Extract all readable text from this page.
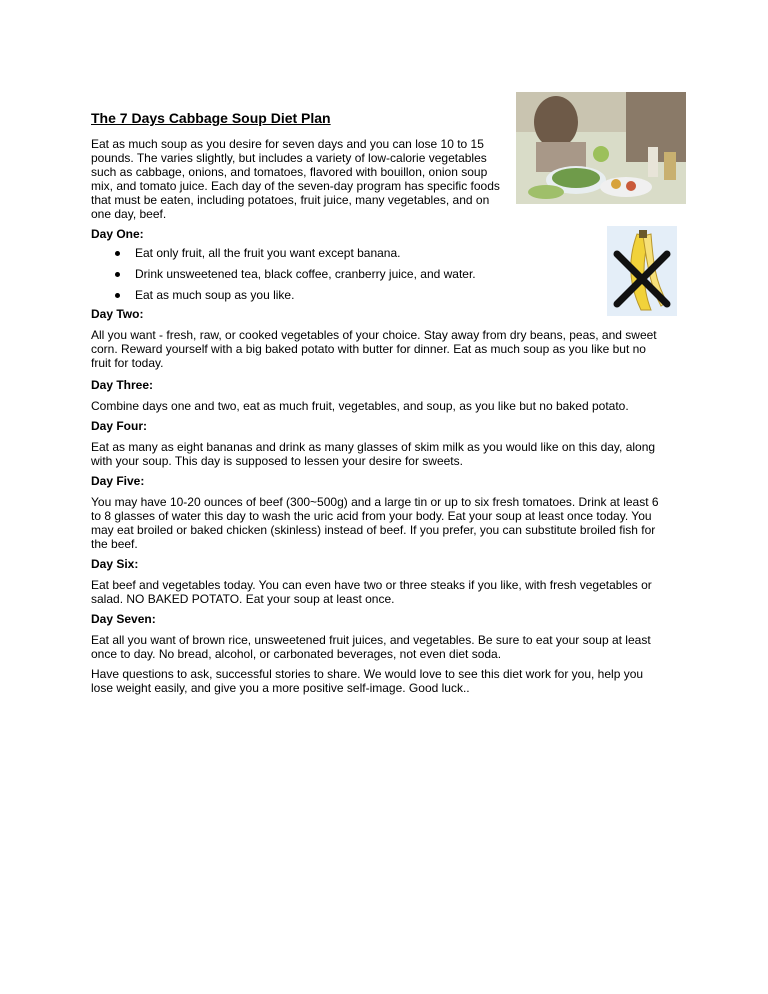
The 7 Days Cabbage Soup Diet Plan

Eat as much soup as you desire for seven days and you can lose 10 to 15 pounds. The varies slightly, but includes a variety of low-calorie vegetables such as cabbage, onions, and tomatoes, flavored with bouillon, onion soup mix, and tomato juice. Each day of the seven-day program has specific foods that must be eaten, including potatoes, fruit juice, many vegetables, and on one day, beef.

Day One:
Eat only fruit, all the fruit you want except banana.
Drink unsweetened tea, black coffee, cranberry juice, and water.
Eat as much soup as you like.
Day Two:

All you want - fresh, raw, or cooked vegetables of your choice. Stay away from dry beans, peas, and sweet corn. Reward yourself with a big baked potato with butter for dinner. Eat as much soup as you like but no fruit for today.

Day Three:

Combine days one and two, eat as much fruit, vegetables, and soup, as you like but no baked potato.

Day Four:

Eat as many as eight bananas and drink as many glasses of skim milk as you would like on this day, along with your soup. This day is supposed to lessen your desire for sweets.

Day Five:

You may have 10-20 ounces of beef (300~500g) and a large tin or up to six fresh tomatoes. Drink at least 6 to 8 glasses of water this day to wash the uric acid from your body. Eat your soup at least once today. You may eat broiled or baked chicken (skinless) instead of beef. If you prefer, you can substitute broiled fish for the beef.

Day Six:

Eat beef and vegetables today. You can even have two or three steaks if you like, with fresh vegetables or salad. NO BAKED POTATO. Eat your soup at least once.

Day Seven:

Eat all you want of brown rice, unsweetened fruit juices, and vegetables. Be sure to eat your soup at least once to day. No bread, alcohol, or carbonated beverages, not even diet soda.

Have questions to ask, successful stories to share. We would love to see this diet work for you, help you lose weight easily, and give you a more positive self-image. Good luck..
